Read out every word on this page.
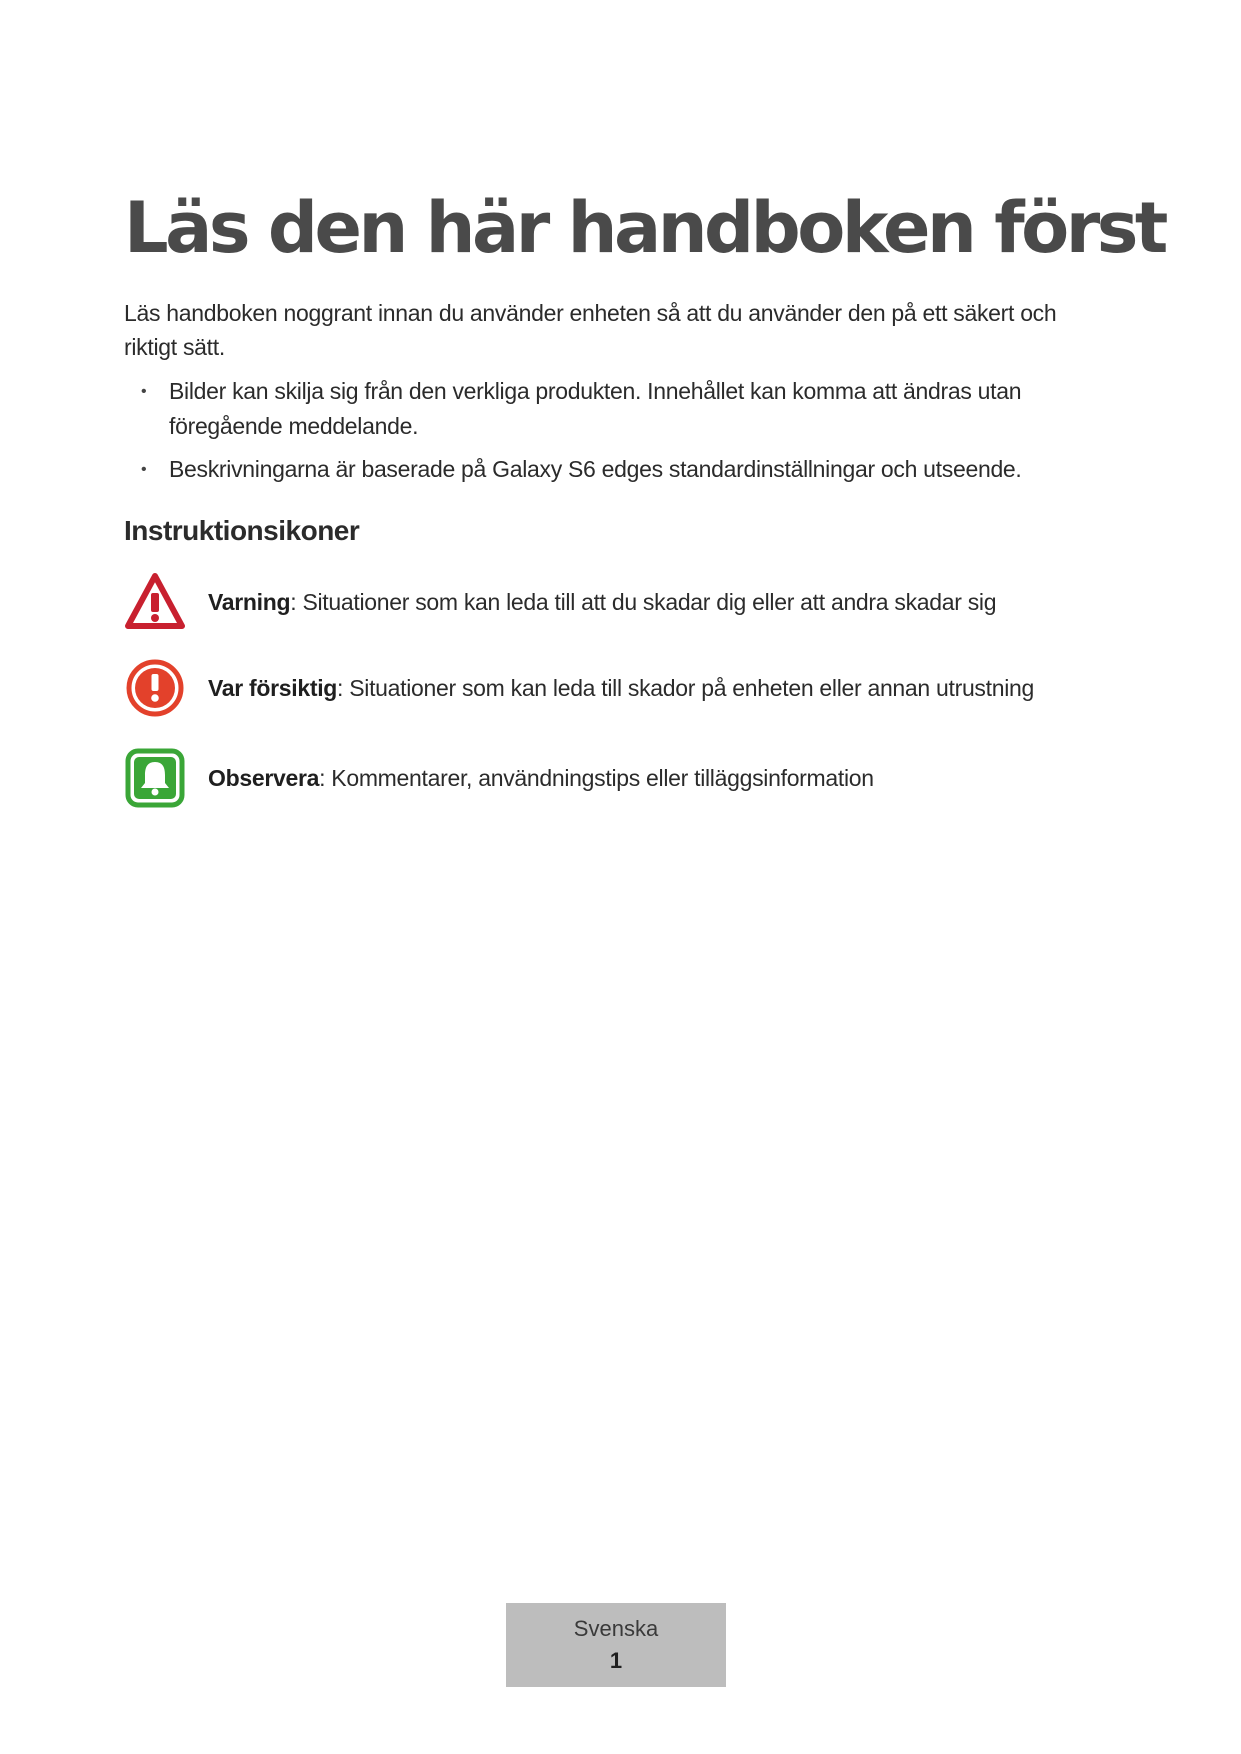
Läs den här handboken först

Läs handboken noggrant innan du använder enheten så att du använder den på ett säkert och riktigt sätt.

• Bilder kan skilja sig från den verkliga produkten. Innehållet kan komma att ändras utan föregående meddelande.
• Beskrivningarna är baserade på Galaxy S6 edges standardinställningar och utseende.
Instruktionsikoner
Varning: Situationer som kan leda till att du skadar dig eller att andra skadar sig
Var försiktig: Situationer som kan leda till skador på enheten eller annan utrustning
Observera: Kommentarer, användningstips eller tilläggsinformation
Svenska
1
